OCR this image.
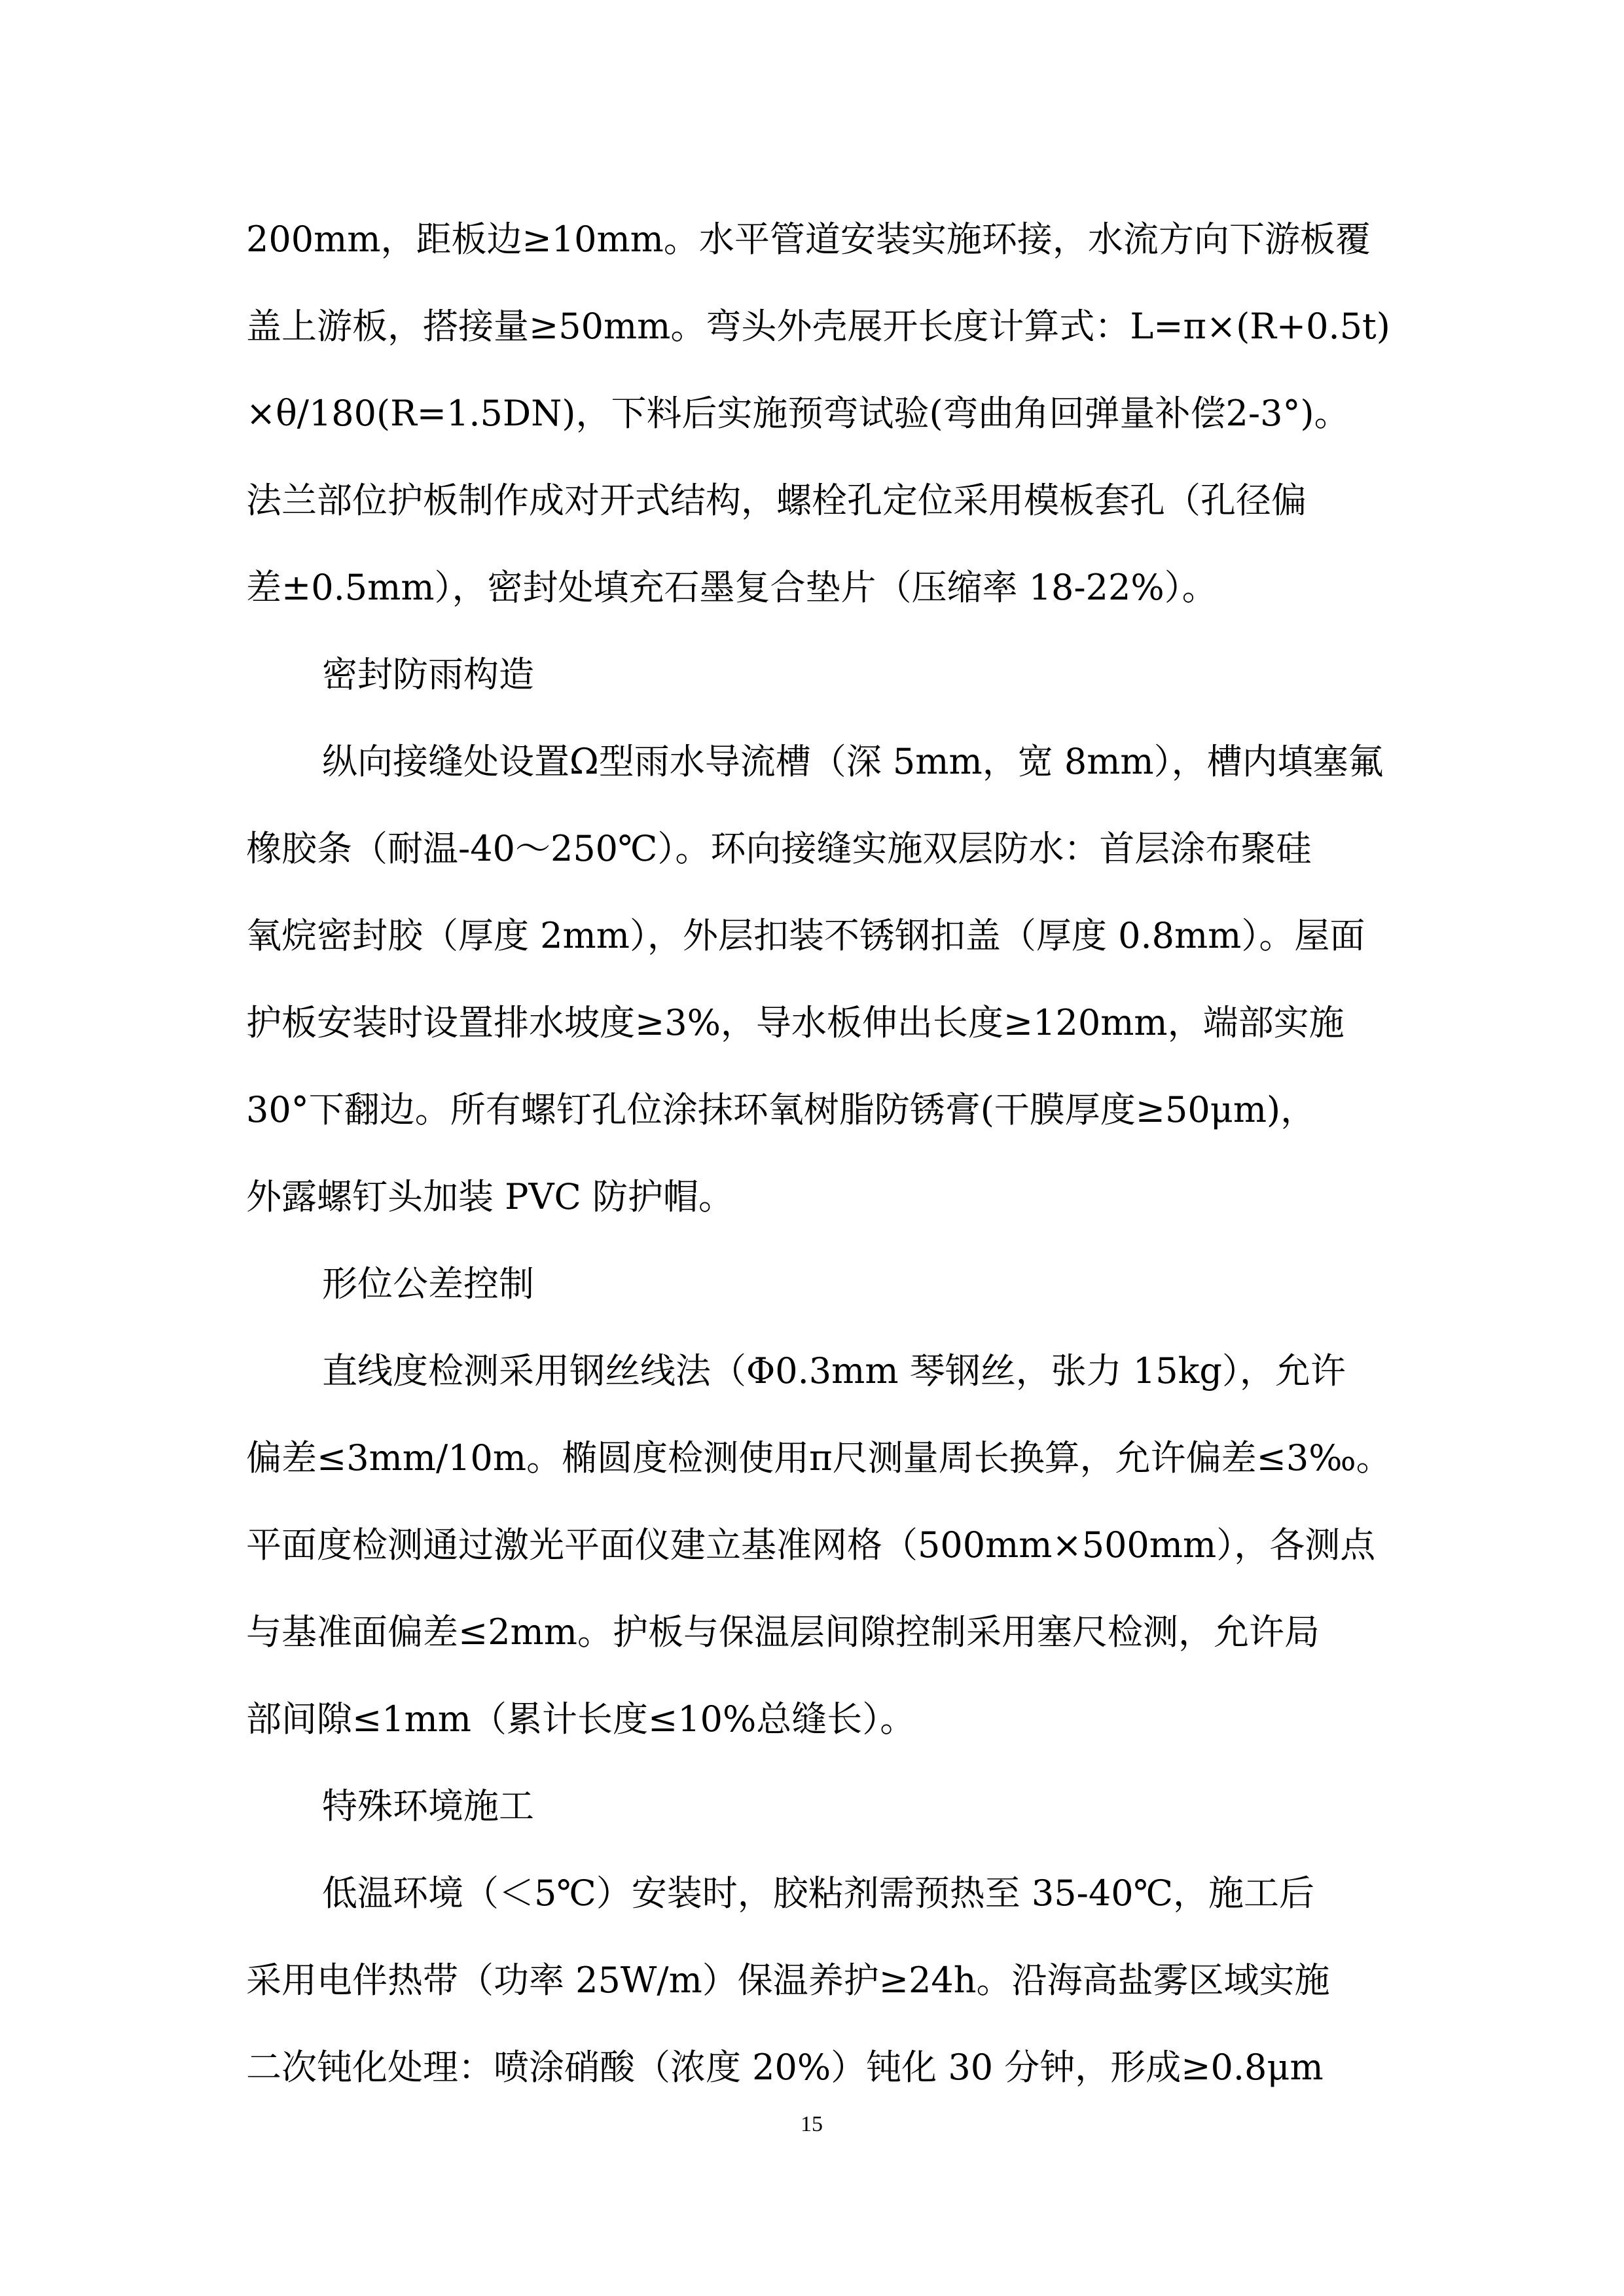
200mm，距板边≥10mm。水平管道安装实施环接，水流方向下游板覆
盖上游板，搭接量≥50mm。弯头外壳展开长度计算式：L=π×(R+0.5t)
×θ/180(R=1.5DN)，下料后实施预弯试验(弯曲角回弹量补偿2-3°)。
法兰部位护板制作成对开式结构，螺栓孔定位采用模板套孔（孔径偏
差±0.5mm），密封处填充石墨复合垫片（压缩率 18-22%）。
密封防雨构造
纵向接缝处设置Ω型雨水导流槽（深 5mm，宽 8mm），槽内填塞氟
橡胶条（耐温-40～250℃）。环向接缝实施双层防水：首层涂布聚硅
氧烷密封胶（厚度 2mm），外层扣装不锈钢扣盖（厚度 0.8mm）。屋面
护板安装时设置排水坡度≥3%，导水板伸出长度≥120mm，端部实施
30°下翻边。所有螺钉孔位涂抹环氧树脂防锈膏(干膜厚度≥50μm)，
外露螺钉头加装 PVC 防护帽。
形位公差控制
直线度检测采用钢丝线法（Φ0.3mm 琴钢丝，张力 15kg），允许
偏差≤3mm/10m。椭圆度检测使用π尺测量周长换算，允许偏差≤3‰。
平面度检测通过激光平面仪建立基准网格（500mm×500mm），各测点
与基准面偏差≤2mm。护板与保温层间隙控制采用塞尺检测，允许局
部间隙≤1mm（累计长度≤10%总缝长）。
特殊环境施工
低温环境（＜5℃）安装时，胶粘剂需预热至 35-40℃，施工后
采用电伴热带（功率 25W/m）保温养护≥24h。沿海高盐雾区域实施
二次钝化处理：喷涂硝酸（浓度 20%）钝化 30 分钟，形成≥0.8μm
15
